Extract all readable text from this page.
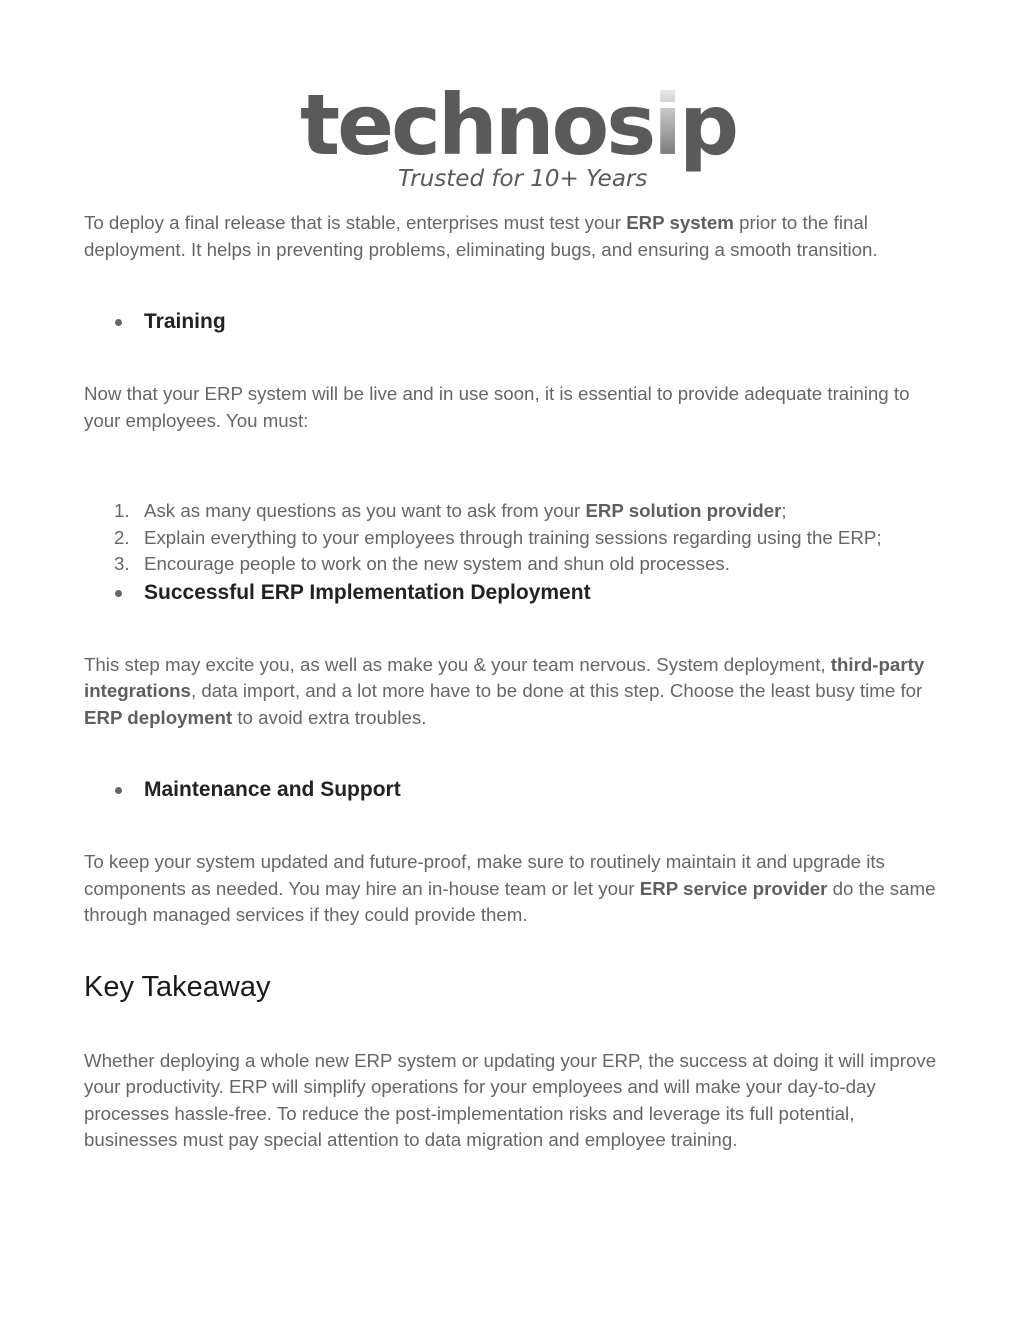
technosip
Trusted for 10+ Years

To deploy a final release that is stable, enterprises must test your ERP system prior to the final deployment. It helps in preventing problems, eliminating bugs, and ensuring a smooth transition.

Training

Now that your ERP system will be live and in use soon, it is essential to provide adequate training to your employees. You must:

1. Ask as many questions as you want to ask from your ERP solution provider;
2. Explain everything to your employees through training sessions regarding using the ERP;
3. Encourage people to work on the new system and shun old processes.
Successful ERP Implementation Deployment

This step may excite you, as well as make you & your team nervous. System deployment, third-party integrations, data import, and a lot more have to be done at this step. Choose the least busy time for ERP deployment to avoid extra troubles.

Maintenance and Support

To keep your system updated and future-proof, make sure to routinely maintain it and upgrade its components as needed. You may hire an in-house team or let your ERP service provider do the same through managed services if they could provide them.

Key Takeaway

Whether deploying a whole new ERP system or updating your ERP, the success at doing it will improve your productivity. ERP will simplify operations for your employees and will make your day-to-day processes hassle-free. To reduce the post-implementation risks and leverage its full potential, businesses must pay special attention to data migration and employee training.
